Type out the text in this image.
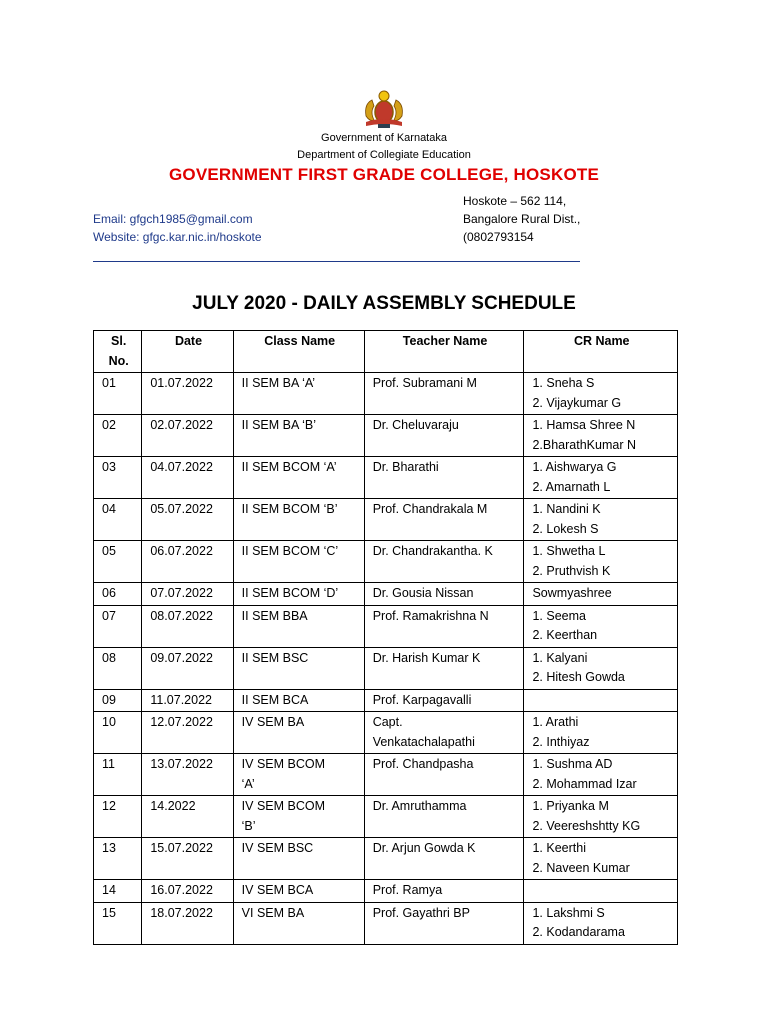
Government of Karnataka
Department of Collegiate Education
GOVERNMENT FIRST GRADE COLLEGE, HOSKOTE
Email: gfgch1985@gmail.com
Website: gfgc.kar.nic.in/hoskote
Hoskote – 562 114,
Bangalore Rural Dist.,
(0802793154
JULY 2020 - DAILY ASSEMBLY SCHEDULE
Sl. No.	Date	Class Name	Teacher Name	CR Name
01	01.07.2022	II SEM BA ‘A’	Prof. Subramani M	1. Sneha S
2. Vijaykumar G

02	02.07.2022	II SEM BA ‘B’	Dr. Cheluvaraju	1. Hamsa Shree N
2.BharathKumar N

03	04.07.2022	II SEM BCOM ‘A’	Dr. Bharathi	1. Aishwarya G
2. Amarnath L

04	05.07.2022	II SEM BCOM ‘B’	Prof. Chandrakala M	1. Nandini K
2. Lokesh S

05	06.07.2022	II SEM BCOM ‘C’	Dr. Chandrakantha. K	1. Shwetha L
2. Pruthvish K

06	07.07.2022	II SEM BCOM ‘D’	Dr. Gousia Nissan	Sowmyashree

07	08.07.2022	II SEM BBA	Prof. Ramakrishna N	1. Seema
2. Keerthan

08	09.07.2022	II SEM BSC	Dr. Harish Kumar K	1. Kalyani
2. Hitesh Gowda

09	11.07.2022	II SEM BCA	Prof. Karpagavalli	

10	12.07.2022	IV SEM BA	Capt.
Venkatachalapathi	1. Arathi
2. Inthiyaz

11	13.07.2022	IV SEM BCOM
‘A’	Prof. Chandpasha	1. Sushma AD
2. Mohammad Izar

12	14.2022	IV SEM BCOM
‘B’	Dr. Amruthamma	1. Priyanka M
2. Veereshshtty KG

13	15.07.2022	IV SEM BSC	Dr. Arjun Gowda K	1. Keerthi
2. Naveen Kumar

14	16.07.2022	IV SEM BCA	Prof. Ramya	

15	18.07.2022	VI SEM BA	Prof. Gayathri BP	1. Lakshmi S
2. Kodandarama
